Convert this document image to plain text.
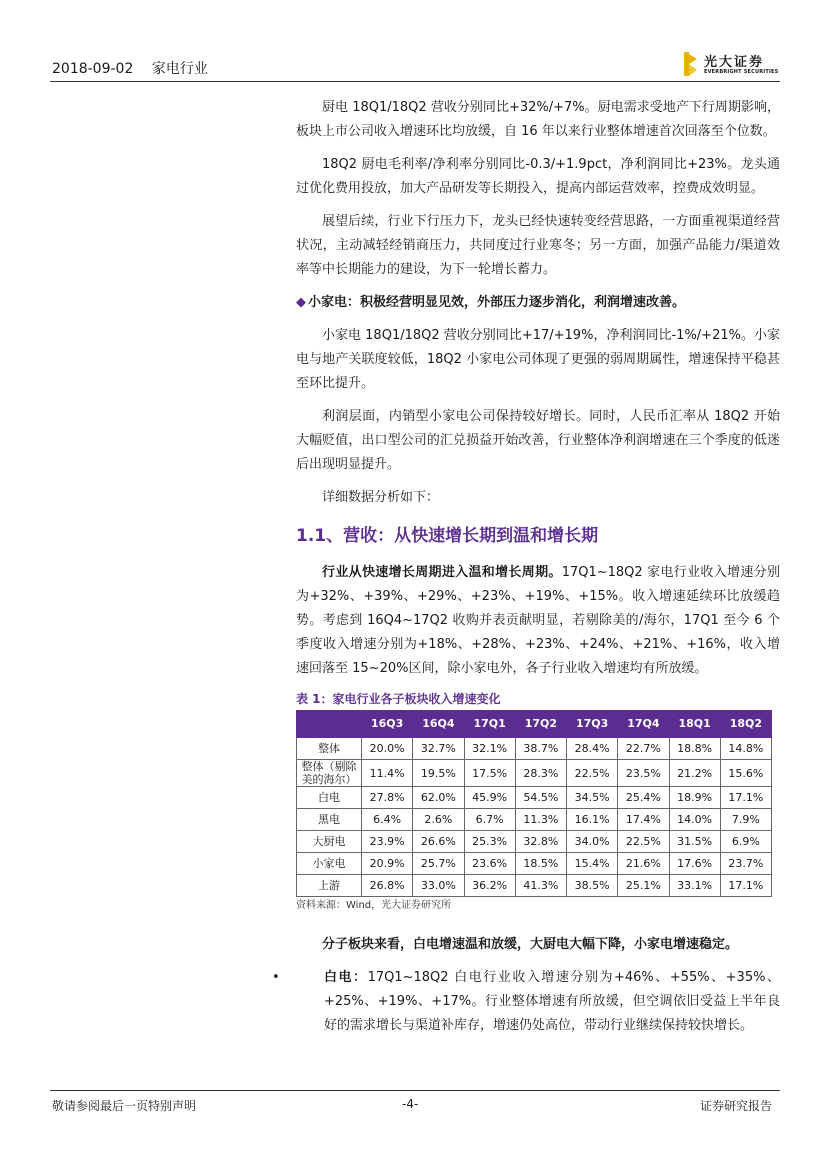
2018-09-02 家电行业	光大证券
EVERBRIGHT SECURITIES

厨电 18Q1/18Q2 营收分别同比+32%/+7%。厨电需求受地产下行周期影响，板块上市公司收入增速环比均放缓，自 16 年以来行业整体增速首次回落至个位数。

18Q2 厨电毛利率/净利率分别同比-0.3/+1.9pct，净利润同比+23%。龙头通过优化费用投放，加大产品研发等长期投入，提高内部运营效率，控费成效明显。

展望后续，行业下行压力下，龙头已经快速转变经营思路，一方面重视渠道经营状况，主动减轻经销商压力，共同度过行业寒冬；另一方面，加强产品能力/渠道效率等中长期能力的建设，为下一轮增长蓄力。

◆ 小家电：积极经营明显见效，外部压力逐步消化，利润增速改善。

小家电 18Q1/18Q2 营收分别同比+17/+19%，净利润同比-1%/+21%。小家电与地产关联度较低，18Q2 小家电公司体现了更强的弱周期属性，增速保持平稳甚至环比提升。

利润层面，内销型小家电公司保持较好增长。同时，人民币汇率从 18Q2 开始大幅贬值，出口型公司的汇兑损益开始改善，行业整体净利润增速在三个季度的低迷后出现明显提升。

详细数据分析如下：

1.1、营收：从快速增长期到温和增长期

行业从快速增长周期进入温和增长周期。17Q1~18Q2 家电行业收入增速分别为+32%、+39%、+29%、+23%、+19%、+15%。收入增速延续环比放缓趋势。考虑到 16Q4~17Q2 收购并表贡献明显，若剔除美的/海尔，17Q1 至今 6 个季度收入增速分别为+18%、+28%、+23%、+24%、+21%、+16%，收入增速回落至 15~20%区间，除小家电外，各子行业收入增速均有所放缓。

表 1：家电行业各子板块收入增速变化
	16Q3	16Q4	17Q1	17Q2	17Q3	17Q4	18Q1	18Q2
整体	20.0%	32.7%	32.1%	38.7%	28.4%	22.7%	18.8%	14.8%
整体（剔除美的海尔）	11.4%	19.5%	17.5%	28.3%	22.5%	23.5%	21.2%	15.6%
白电	27.8%	62.0%	45.9%	54.5%	34.5%	25.4%	18.9%	17.1%
黑电	6.4%	2.6%	6.7%	11.3%	16.1%	17.4%	14.0%	7.9%
大厨电	23.9%	26.6%	25.3%	32.8%	34.0%	22.5%	31.5%	6.9%
小家电	20.9%	25.7%	23.6%	18.5%	15.4%	21.6%	17.6%	23.7%
上游	26.8%	33.0%	36.2%	41.3%	38.5%	25.1%	33.1%	17.1%
资料来源：Wind，光大证券研究所

分子板块来看，白电增速温和放缓，大厨电大幅下降，小家电增速稳定。

•	白电：17Q1~18Q2 白电行业收入增速分别为+46%、+55%、+35%、+25%、+19%、+17%。行业整体增速有所放缓，但空调依旧受益上半年良好的需求增长与渠道补库存，增速仍处高位，带动行业继续保持较快增长。

敬请参阅最后一页特别声明	-4-	证券研究报告
